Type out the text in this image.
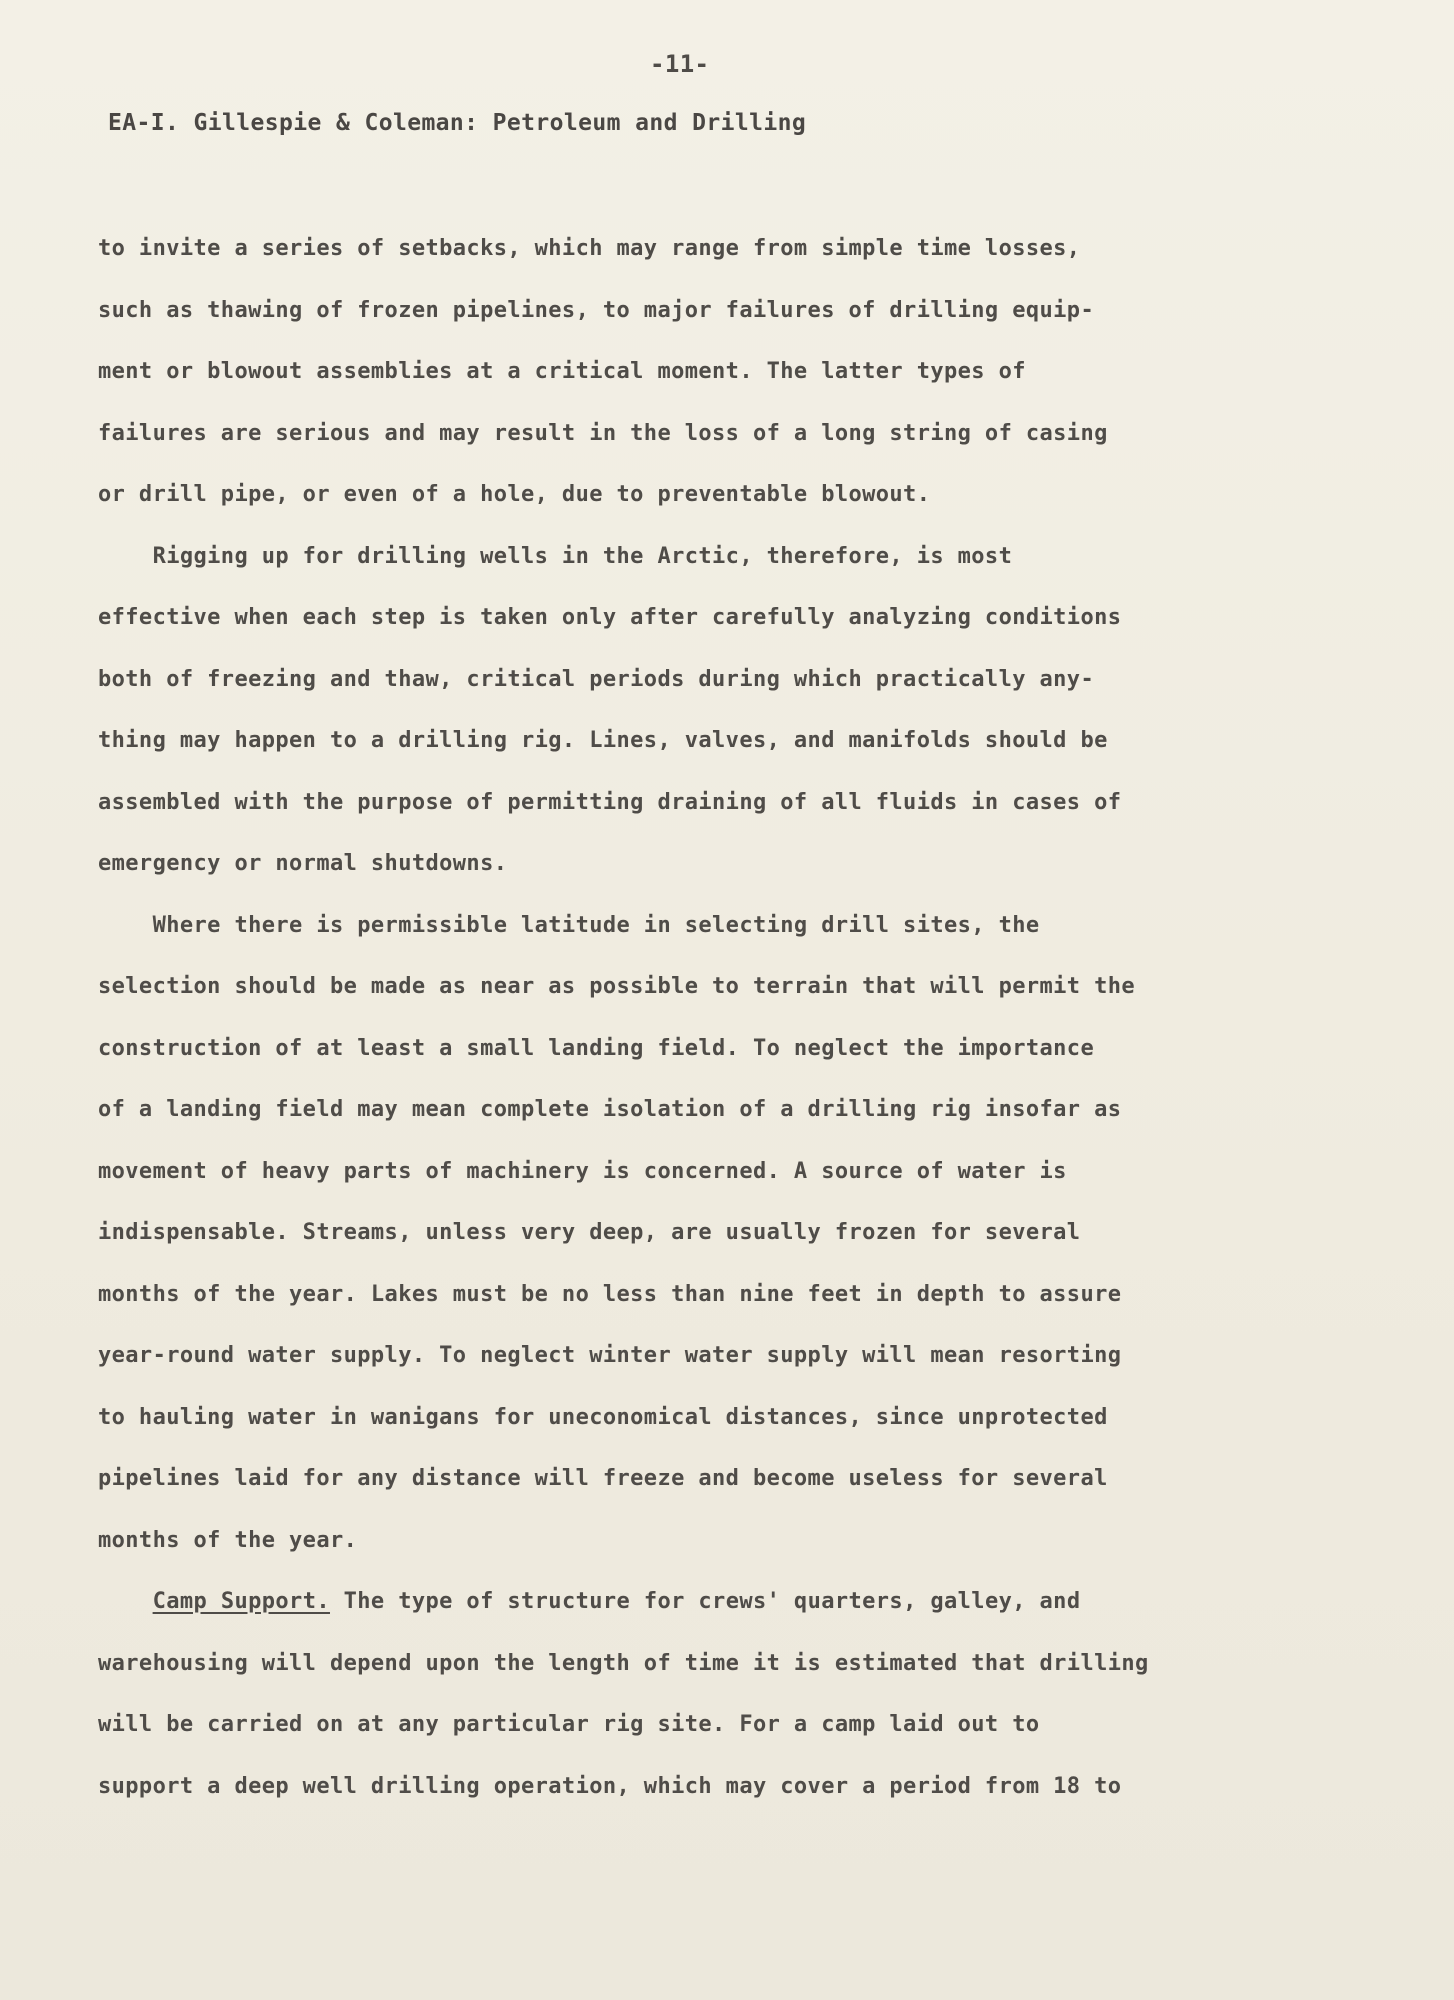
-11-
EA-I. Gillespie & Coleman: Petroleum and Drilling
to invite a series of setbacks, which may range from simple time losses,
such as thawing of frozen pipelines, to major failures of drilling equip-
ment or blowout assemblies at a critical moment. The latter types of
failures are serious and may result in the loss of a long string of casing
or drill pipe, or even of a hole, due to preventable blowout.
Rigging up for drilling wells in the Arctic, therefore, is most
effective when each step is taken only after carefully analyzing conditions
both of freezing and thaw, critical periods during which practically any-
thing may happen to a drilling rig. Lines, valves, and manifolds should be
assembled with the purpose of permitting draining of all fluids in cases of
emergency or normal shutdowns.
Where there is permissible latitude in selecting drill sites, the
selection should be made as near as possible to terrain that will permit the
construction of at least a small landing field. To neglect the importance
of a landing field may mean complete isolation of a drilling rig insofar as
movement of heavy parts of machinery is concerned. A source of water is
indispensable. Streams, unless very deep, are usually frozen for several
months of the year. Lakes must be no less than nine feet in depth to assure
year-round water supply. To neglect winter water supply will mean resorting
to hauling water in wanigans for uneconomical distances, since unprotected
pipelines laid for any distance will freeze and become useless for several
months of the year.
Camp Support. The type of structure for crews' quarters, galley, and
warehousing will depend upon the length of time it is estimated that drilling
will be carried on at any particular rig site. For a camp laid out to
support a deep well drilling operation, which may cover a period from 18 to
